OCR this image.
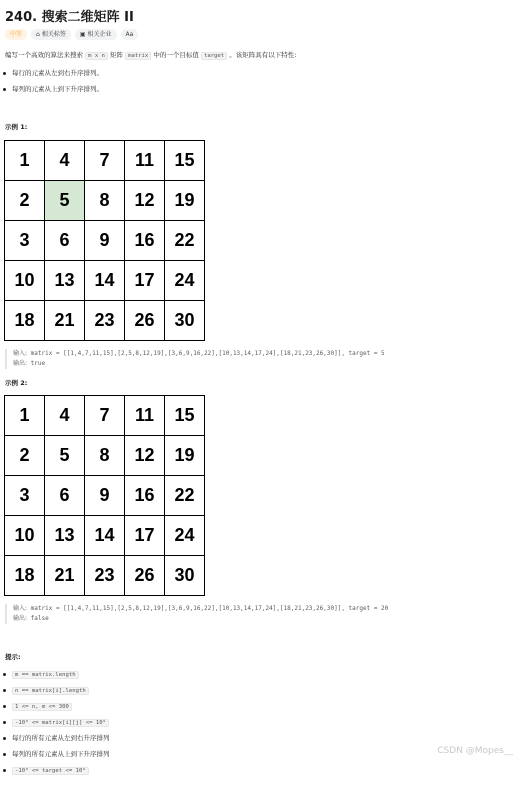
240. 搜索二维矩阵 II
中等	⌂ 相关标签 ▣ 相关企业 Aa
编写一个高效的算法来搜索 m x n 矩阵 matrix 中的一个目标值 target 。该矩阵具有以下特性:
每行的元素从左到右升序排列。
每列的元素从上到下升序排列。
示例 1:
1	4	7	11	15
2	5	8	12	19
3	6	9	16	22
10	13	14	17	24
18	21	23	26	30
输入: matrix = [[1,4,7,11,15],[2,5,8,12,19],[3,6,9,16,22],[10,13,14,17,24],[18,21,23,26,30]], target = 5
输出: true
示例 2:
1	4	7	11	15
2	5	8	12	19
3	6	9	16	22
10	13	14	17	24
18	21	23	26	30
输入: matrix = [[1,4,7,11,15],[2,5,8,12,19],[3,6,9,16,22],[10,13,14,17,24],[18,21,23,26,30]], target = 20
输出: false
提示:
m == matrix.length
n == matrix[i].length
1 <= n, m <= 300
-10⁹ <= matrix[i][j] <= 10⁹
每行的所有元素从左到右升序排列
每列的所有元素从上到下升序排列
-10⁹ <= target <= 10⁹
CSDN @Mopes__
